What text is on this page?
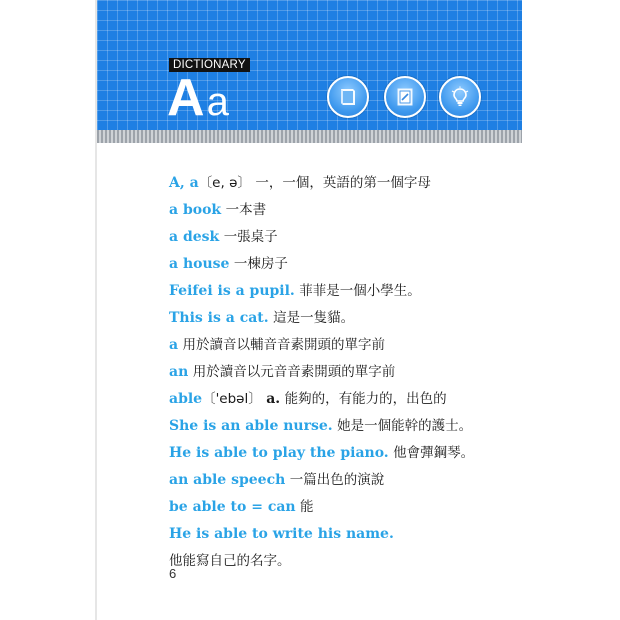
DICTIONARY
Aa
A, a〔e, ə〕 一，一個，英語的第一個字母
a book 一本書
a desk 一張桌子
a house 一棟房子
Feifei is a pupil. 菲菲是一個小學生。
This is a cat. 這是一隻貓。
a 用於讀音以輔音音素開頭的單字前
an 用於讀音以元音音素開頭的單字前
able〔'ebəl〕 a. 能夠的，有能力的，出色的
She is an able nurse. 她是一個能幹的護士。
He is able to play the piano. 他會彈鋼琴。
an able speech 一篇出色的演說
be able to = can 能
He is able to write his name.
他能寫自己的名字。
6
